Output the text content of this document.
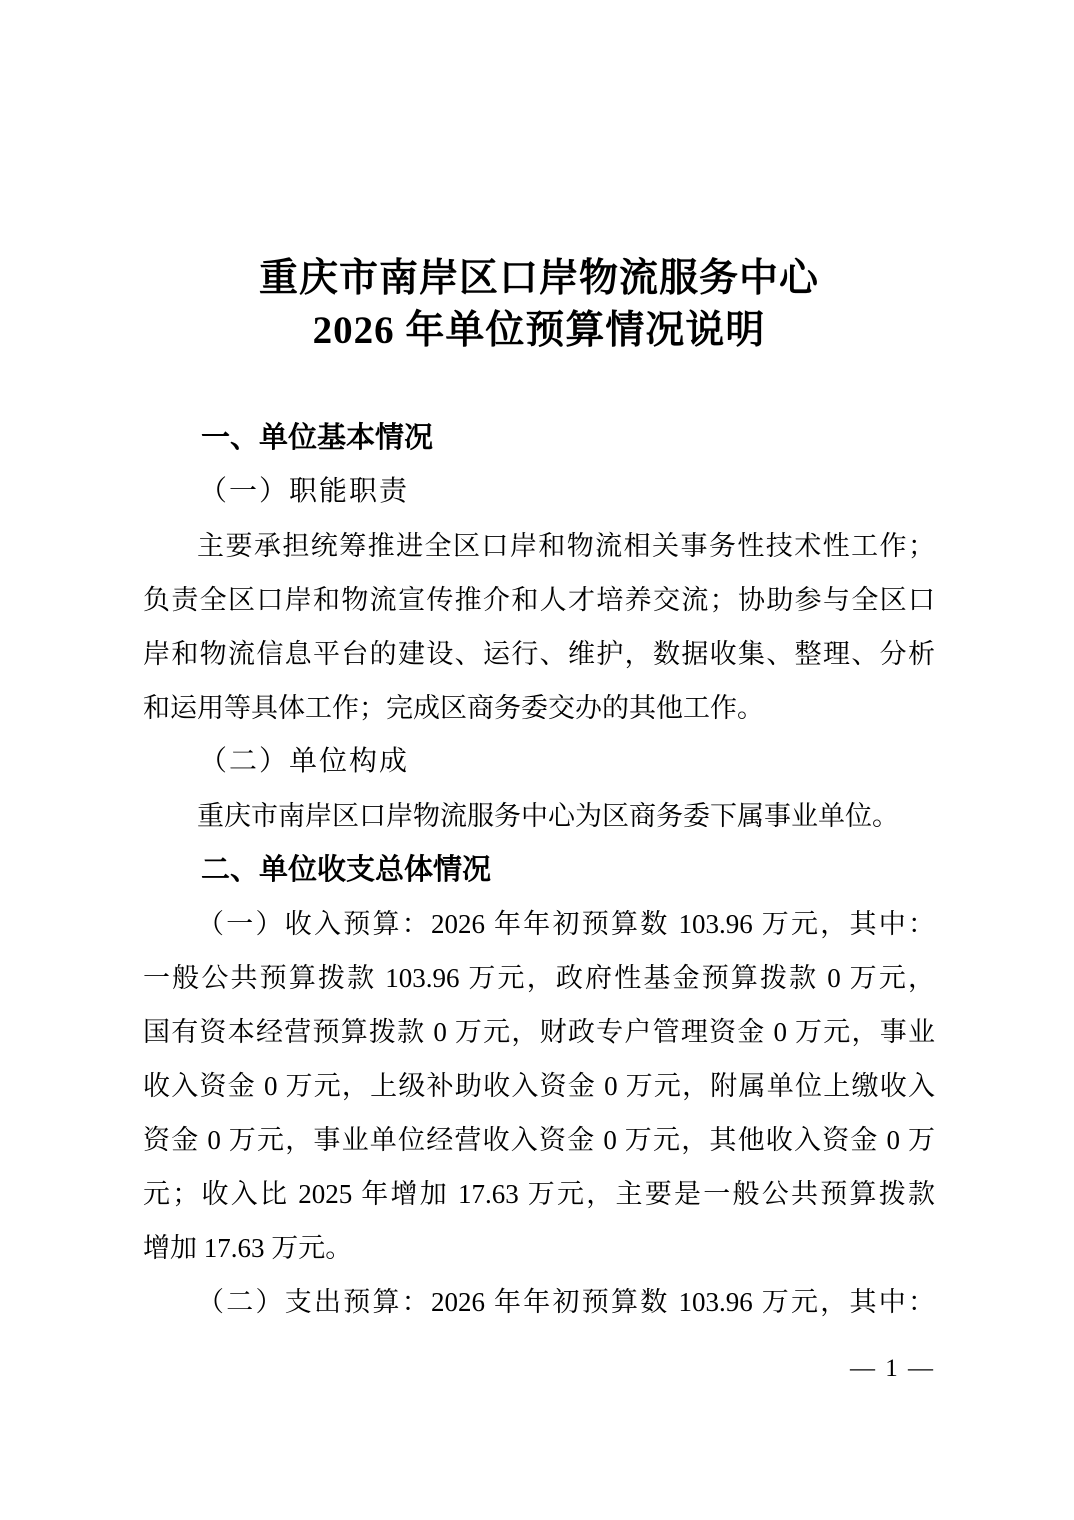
重庆市南岸区口岸物流服务中心
2026 年单位预算情况说明
一、单位基本情况
（一）职能职责
主要承担统筹推进全区口岸和物流相关事务性技术性工作；
负责全区口岸和物流宣传推介和人才培养交流；协助参与全区口
岸和物流信息平台的建设、运行、维护，数据收集、整理、分析
和运用等具体工作；完成区商务委交办的其他工作。
（二）单位构成
重庆市南岸区口岸物流服务中心为区商务委下属事业单位。
二、单位收支总体情况
（一）收入预算：2026 年年初预算数 103.96 万元，其中：
一般公共预算拨款 103.96 万元，政府性基金预算拨款 0 万元，
国有资本经营预算拨款 0 万元，财政专户管理资金 0 万元，事业
收入资金 0 万元，上级补助收入资金 0 万元，附属单位上缴收入
资金 0 万元，事业单位经营收入资金 0 万元，其他收入资金 0 万
元；收入比 2025 年增加 17.63 万元，主要是一般公共预算拨款
增加 17.63 万元。
（二）支出预算：2026 年年初预算数 103.96 万元，其中：
— 1 —
